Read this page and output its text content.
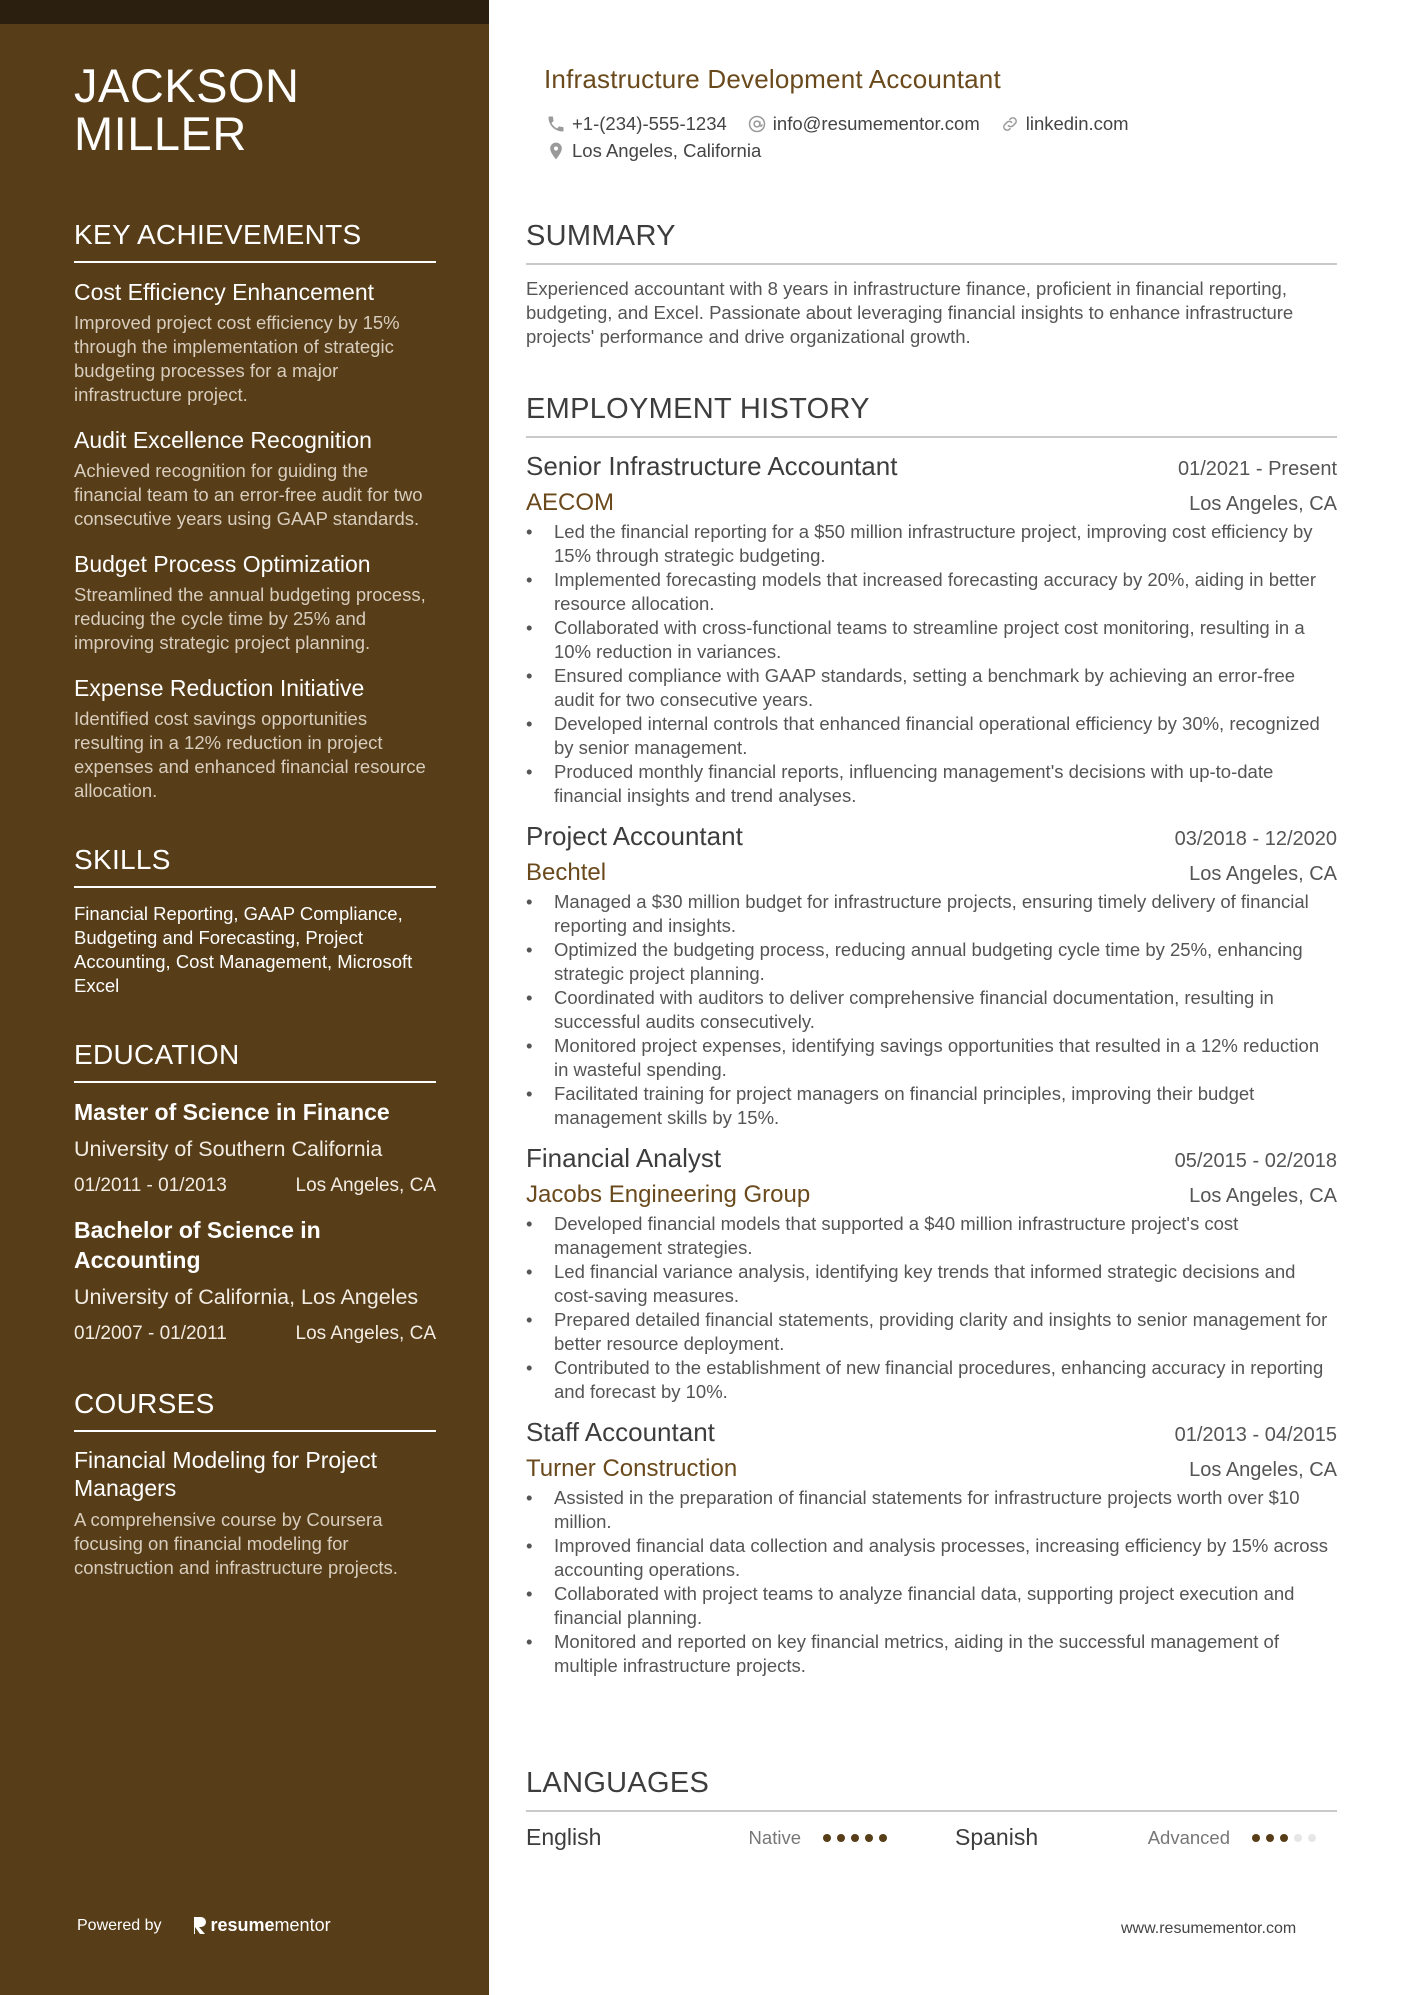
JACKSON
MILLER
KEY ACHIEVEMENTS
Cost Efficiency Enhancement
Improved project cost efficiency by 15% through the implementation of strategic budgeting processes for a major infrastructure project.
Audit Excellence Recognition
Achieved recognition for guiding the financial team to an error-free audit for two consecutive years using GAAP standards.
Budget Process Optimization
Streamlined the annual budgeting process, reducing the cycle time by 25% and improving strategic project planning.
Expense Reduction Initiative
Identified cost savings opportunities resulting in a 12% reduction in project expenses and enhanced financial resource allocation.
SKILLS
Financial Reporting, GAAP Compliance, Budgeting and Forecasting, Project Accounting, Cost Management, Microsoft Excel
EDUCATION
Master of Science in Finance
University of Southern California
01/2011 - 01/2013	Los Angeles, CA
Bachelor of Science in Accounting
University of California, Los Angeles
01/2007 - 01/2011	Los Angeles, CA
COURSES
Financial Modeling for Project Managers
A comprehensive course by Coursera focusing on financial modeling for construction and infrastructure projects.
Powered by	resume mentor
Infrastructure Development Accountant
+1-(234)-555-1234 info@resumementor.com linkedin.com
Los Angeles, California
SUMMARY
Experienced accountant with 8 years in infrastructure finance, proficient in financial reporting, budgeting, and Excel. Passionate about leveraging financial insights to enhance infrastructure projects' performance and drive organizational growth.
EMPLOYMENT HISTORY
Senior Infrastructure Accountant	01/2021 - Present
AECOM	Los Angeles, CA
• Led the financial reporting for a $50 million infrastructure project, improving cost efficiency by 15% through strategic budgeting.
• Implemented forecasting models that increased forecasting accuracy by 20%, aiding in better resource allocation.
• Collaborated with cross-functional teams to streamline project cost monitoring, resulting in a 10% reduction in variances.
• Ensured compliance with GAAP standards, setting a benchmark by achieving an error-free audit for two consecutive years.
• Developed internal controls that enhanced financial operational efficiency by 30%, recognized by senior management.
• Produced monthly financial reports, influencing management's decisions with up-to-date financial insights and trend analyses.
Project Accountant	03/2018 - 12/2020
Bechtel	Los Angeles, CA
• Managed a $30 million budget for infrastructure projects, ensuring timely delivery of financial reporting and insights.
• Optimized the budgeting process, reducing annual budgeting cycle time by 25%, enhancing strategic project planning.
• Coordinated with auditors to deliver comprehensive financial documentation, resulting in successful audits consecutively.
• Monitored project expenses, identifying savings opportunities that resulted in a 12% reduction in wasteful spending.
• Facilitated training for project managers on financial principles, improving their budget management skills by 15%.
Financial Analyst	05/2015 - 02/2018
Jacobs Engineering Group	Los Angeles, CA
• Developed financial models that supported a $40 million infrastructure project's cost management strategies.
• Led financial variance analysis, identifying key trends that informed strategic decisions and cost-saving measures.
• Prepared detailed financial statements, providing clarity and insights to senior management for better resource deployment.
• Contributed to the establishment of new financial procedures, enhancing accuracy in reporting and forecast by 10%.
Staff Accountant	01/2013 - 04/2015
Turner Construction	Los Angeles, CA
• Assisted in the preparation of financial statements for infrastructure projects worth over $10 million.
• Improved financial data collection and analysis processes, increasing efficiency by 15% across accounting operations.
• Collaborated with project teams to analyze financial data, supporting project execution and financial planning.
• Monitored and reported on key financial metrics, aiding in the successful management of multiple infrastructure projects.
LANGUAGES
English	Native	Spanish	Advanced
www.resumementor.com
